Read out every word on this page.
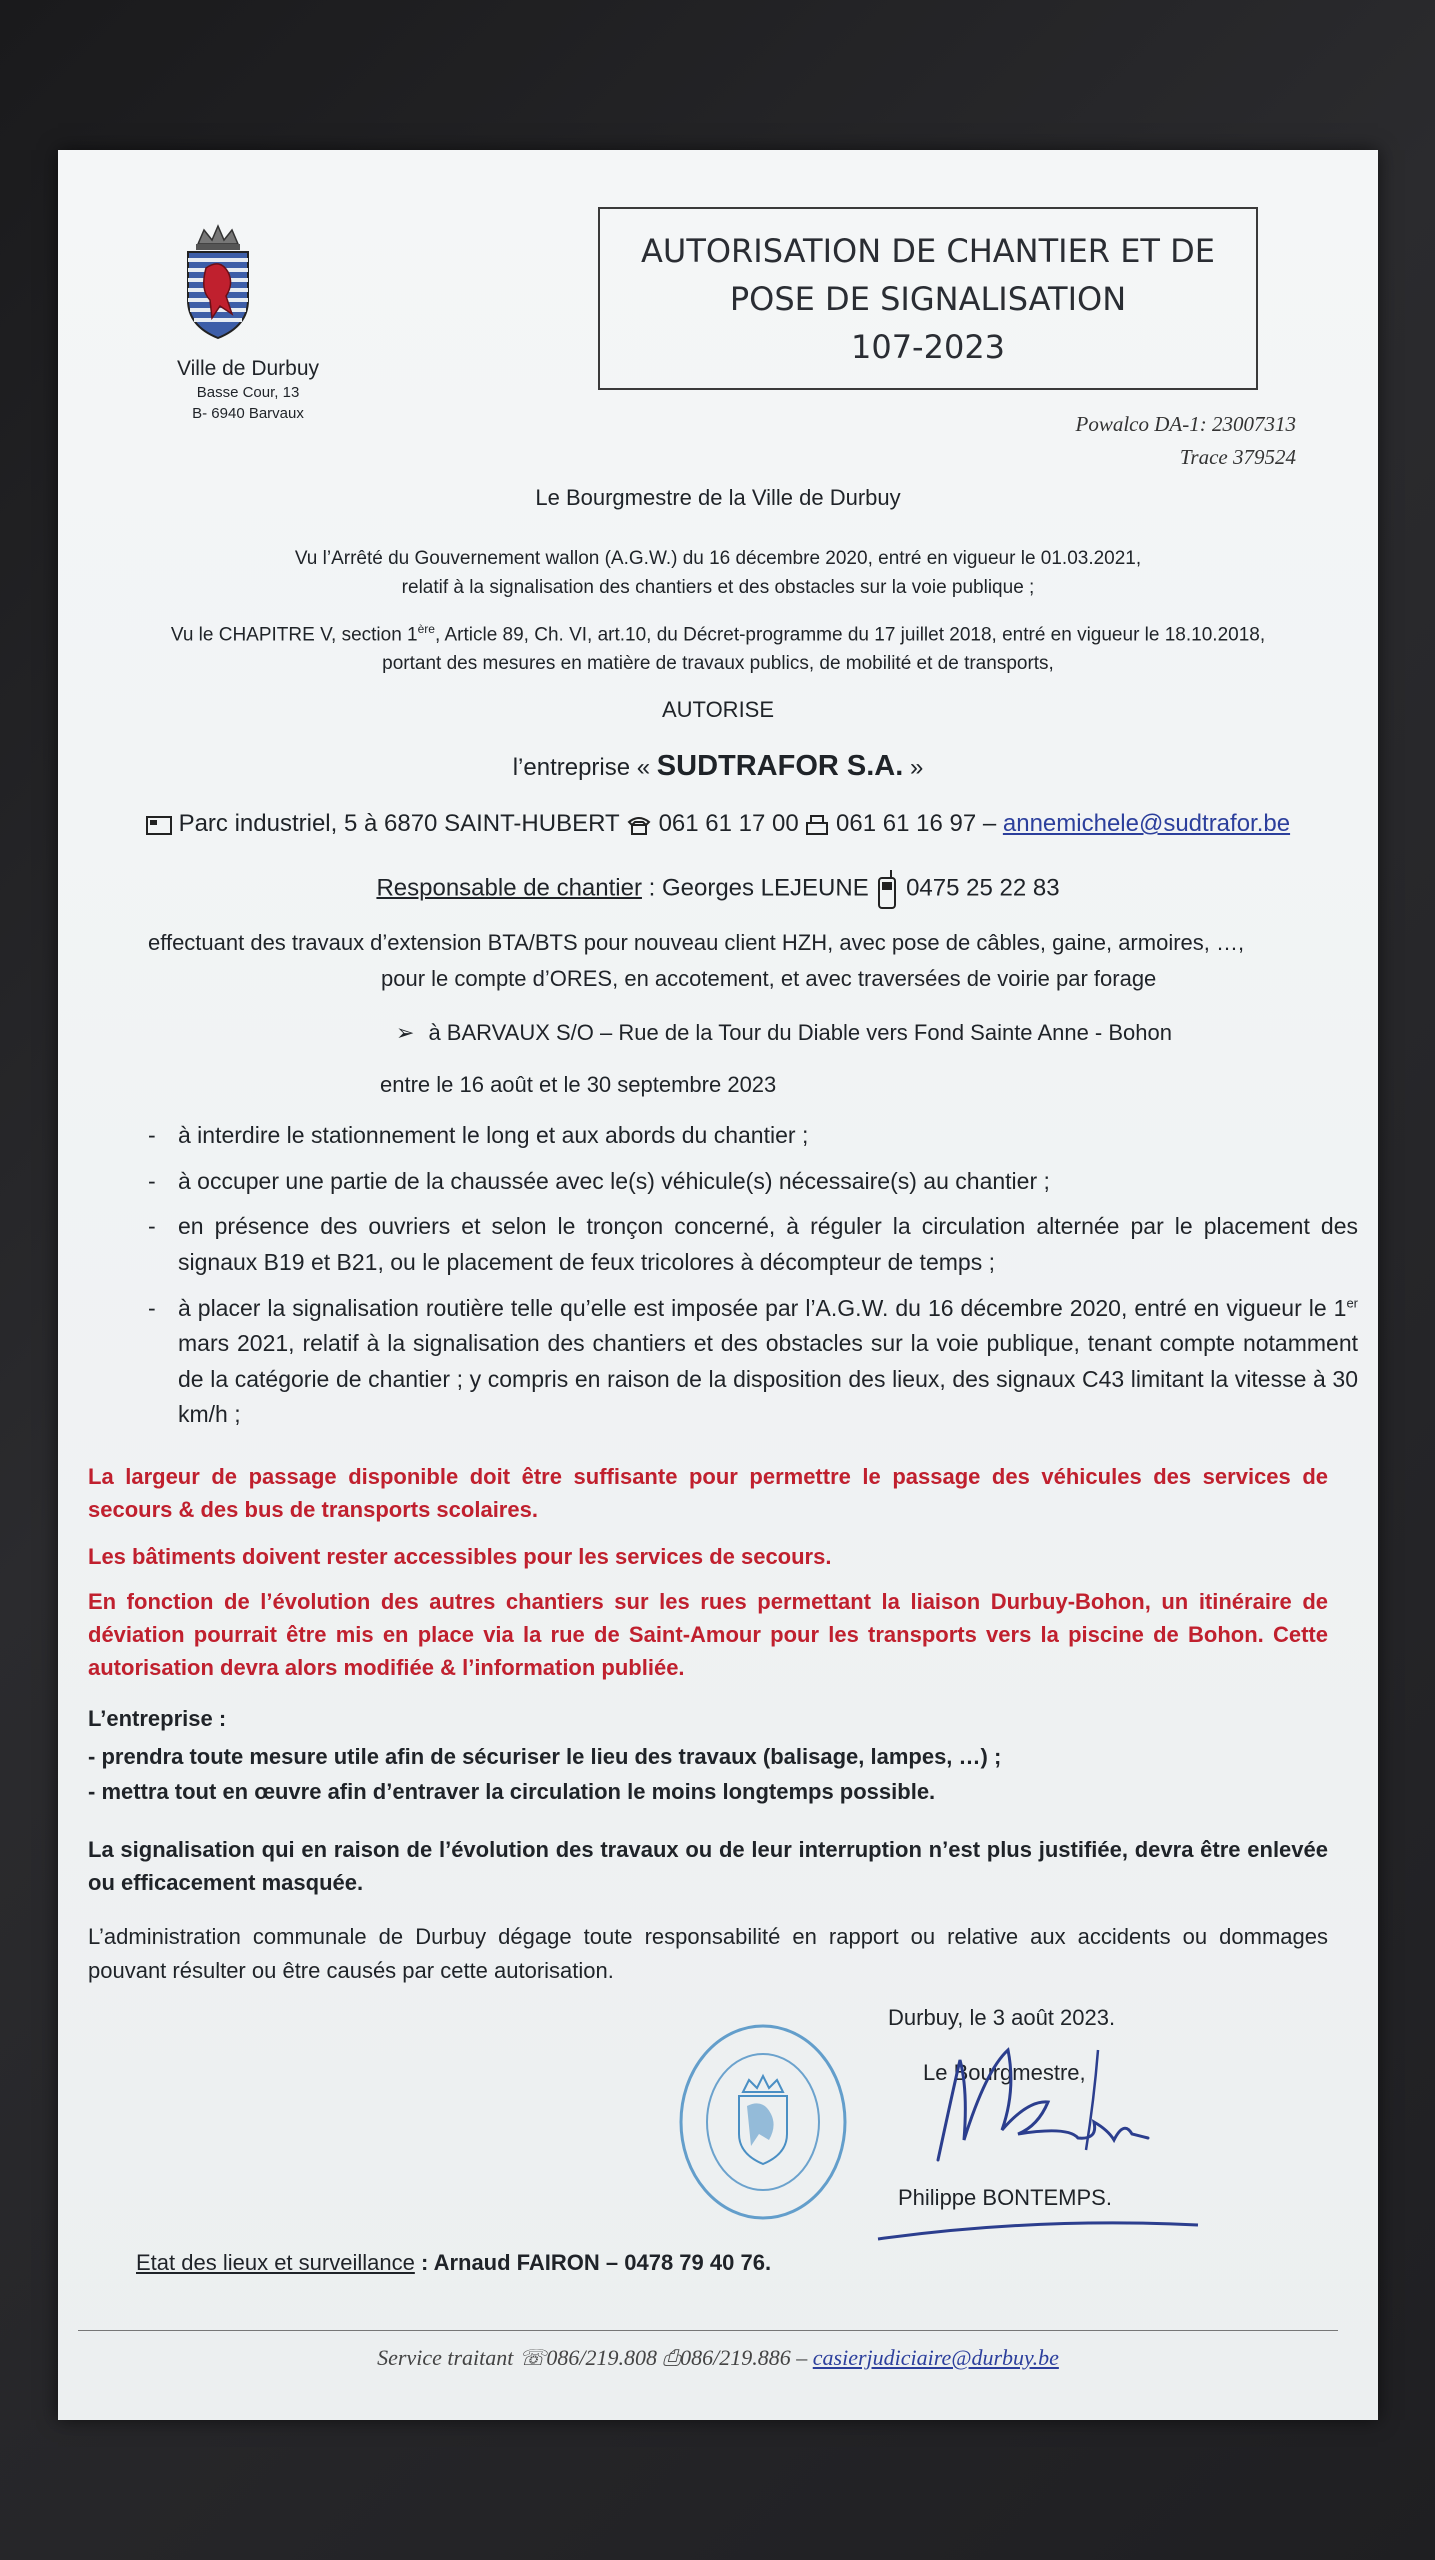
Ville de Durbuy
Basse Cour, 13
B- 6940 Barvaux
AUTORISATION DE CHANTIER ET DE
POSE DE SIGNALISATION
107-2023
Powalco DA-1: 23007313
Trace 379524
Le Bourgmestre de la Ville de Durbuy
Vu l’Arrêté du Gouvernement wallon (A.G.W.) du 16 décembre 2020, entré en vigueur le 01.03.2021,
relatif à la signalisation des chantiers et des obstacles sur la voie publique ;
Vu le CHAPITRE V, section 1ère, Article 89, Ch. VI, art.10, du Décret-programme du 17 juillet 2018, entré en vigueur le 18.10.2018,
portant des mesures en matière de travaux publics, de mobilité et de transports,
AUTORISE
l’entreprise « SUDTRAFOR S.A. »
Parc industriel, 5 à 6870 SAINT-HUBERT 061 61 17 00 061 61 16 97 – annemichele@sudtrafor.be
Responsable de chantier : Georges LEJEUNE 0475 25 22 83
effectuant des travaux d’extension BTA/BTS pour nouveau client HZH, avec pose de câbles, gaine, armoires, …,
pour le compte d’ORES, en accotement, et avec traversées de voirie par forage
➢ à BARVAUX S/O – Rue de la Tour du Diable vers Fond Sainte Anne - Bohon
entre le 16 août et le 30 septembre 2023
- à interdire le stationnement le long et aux abords du chantier ;
- à occuper une partie de la chaussée avec le(s) véhicule(s) nécessaire(s) au chantier ;
- en présence des ouvriers et selon le tronçon concerné, à réguler la circulation alternée par le placement des signaux B19 et B21, ou le placement de feux tricolores à décompteur de temps ;
- à placer la signalisation routière telle qu’elle est imposée par l’A.G.W. du 16 décembre 2020, entré en vigueur le 1er mars 2021, relatif à la signalisation des chantiers et des obstacles sur la voie publique, tenant compte notamment de la catégorie de chantier ; y compris en raison de la disposition des lieux, des signaux C43 limitant la vitesse à 30 km/h ;
La largeur de passage disponible doit être suffisante pour permettre le passage des véhicules des services de secours & des bus de transports scolaires.
Les bâtiments doivent rester accessibles pour les services de secours.
En fonction de l’évolution des autres chantiers sur les rues permettant la liaison Durbuy-Bohon, un itinéraire de déviation pourrait être mis en place via la rue de Saint-Amour pour les transports vers la piscine de Bohon. Cette autorisation devra alors modifiée & l’information publiée.
L’entreprise :
- prendra toute mesure utile afin de sécuriser le lieu des travaux (balisage, lampes, …) ;
- mettra tout en œuvre afin d’entraver la circulation le moins longtemps possible.
La signalisation qui en raison de l’évolution des travaux ou de leur interruption n’est plus justifiée, devra être enlevée ou efficacement masquée.
L’administration communale de Durbuy dégage toute responsabilité en rapport ou relative aux accidents ou dommages pouvant résulter ou être causés par cette autorisation.
Durbuy, le 3 août 2023.
Le Bourgmestre,
Philippe BONTEMPS.
Etat des lieux et surveillance : Arnaud FAIRON – 0478 79 40 76.
Service traitant ☏086/219.808 ⎙086/219.886 – casierjudiciaire@durbuy.be
